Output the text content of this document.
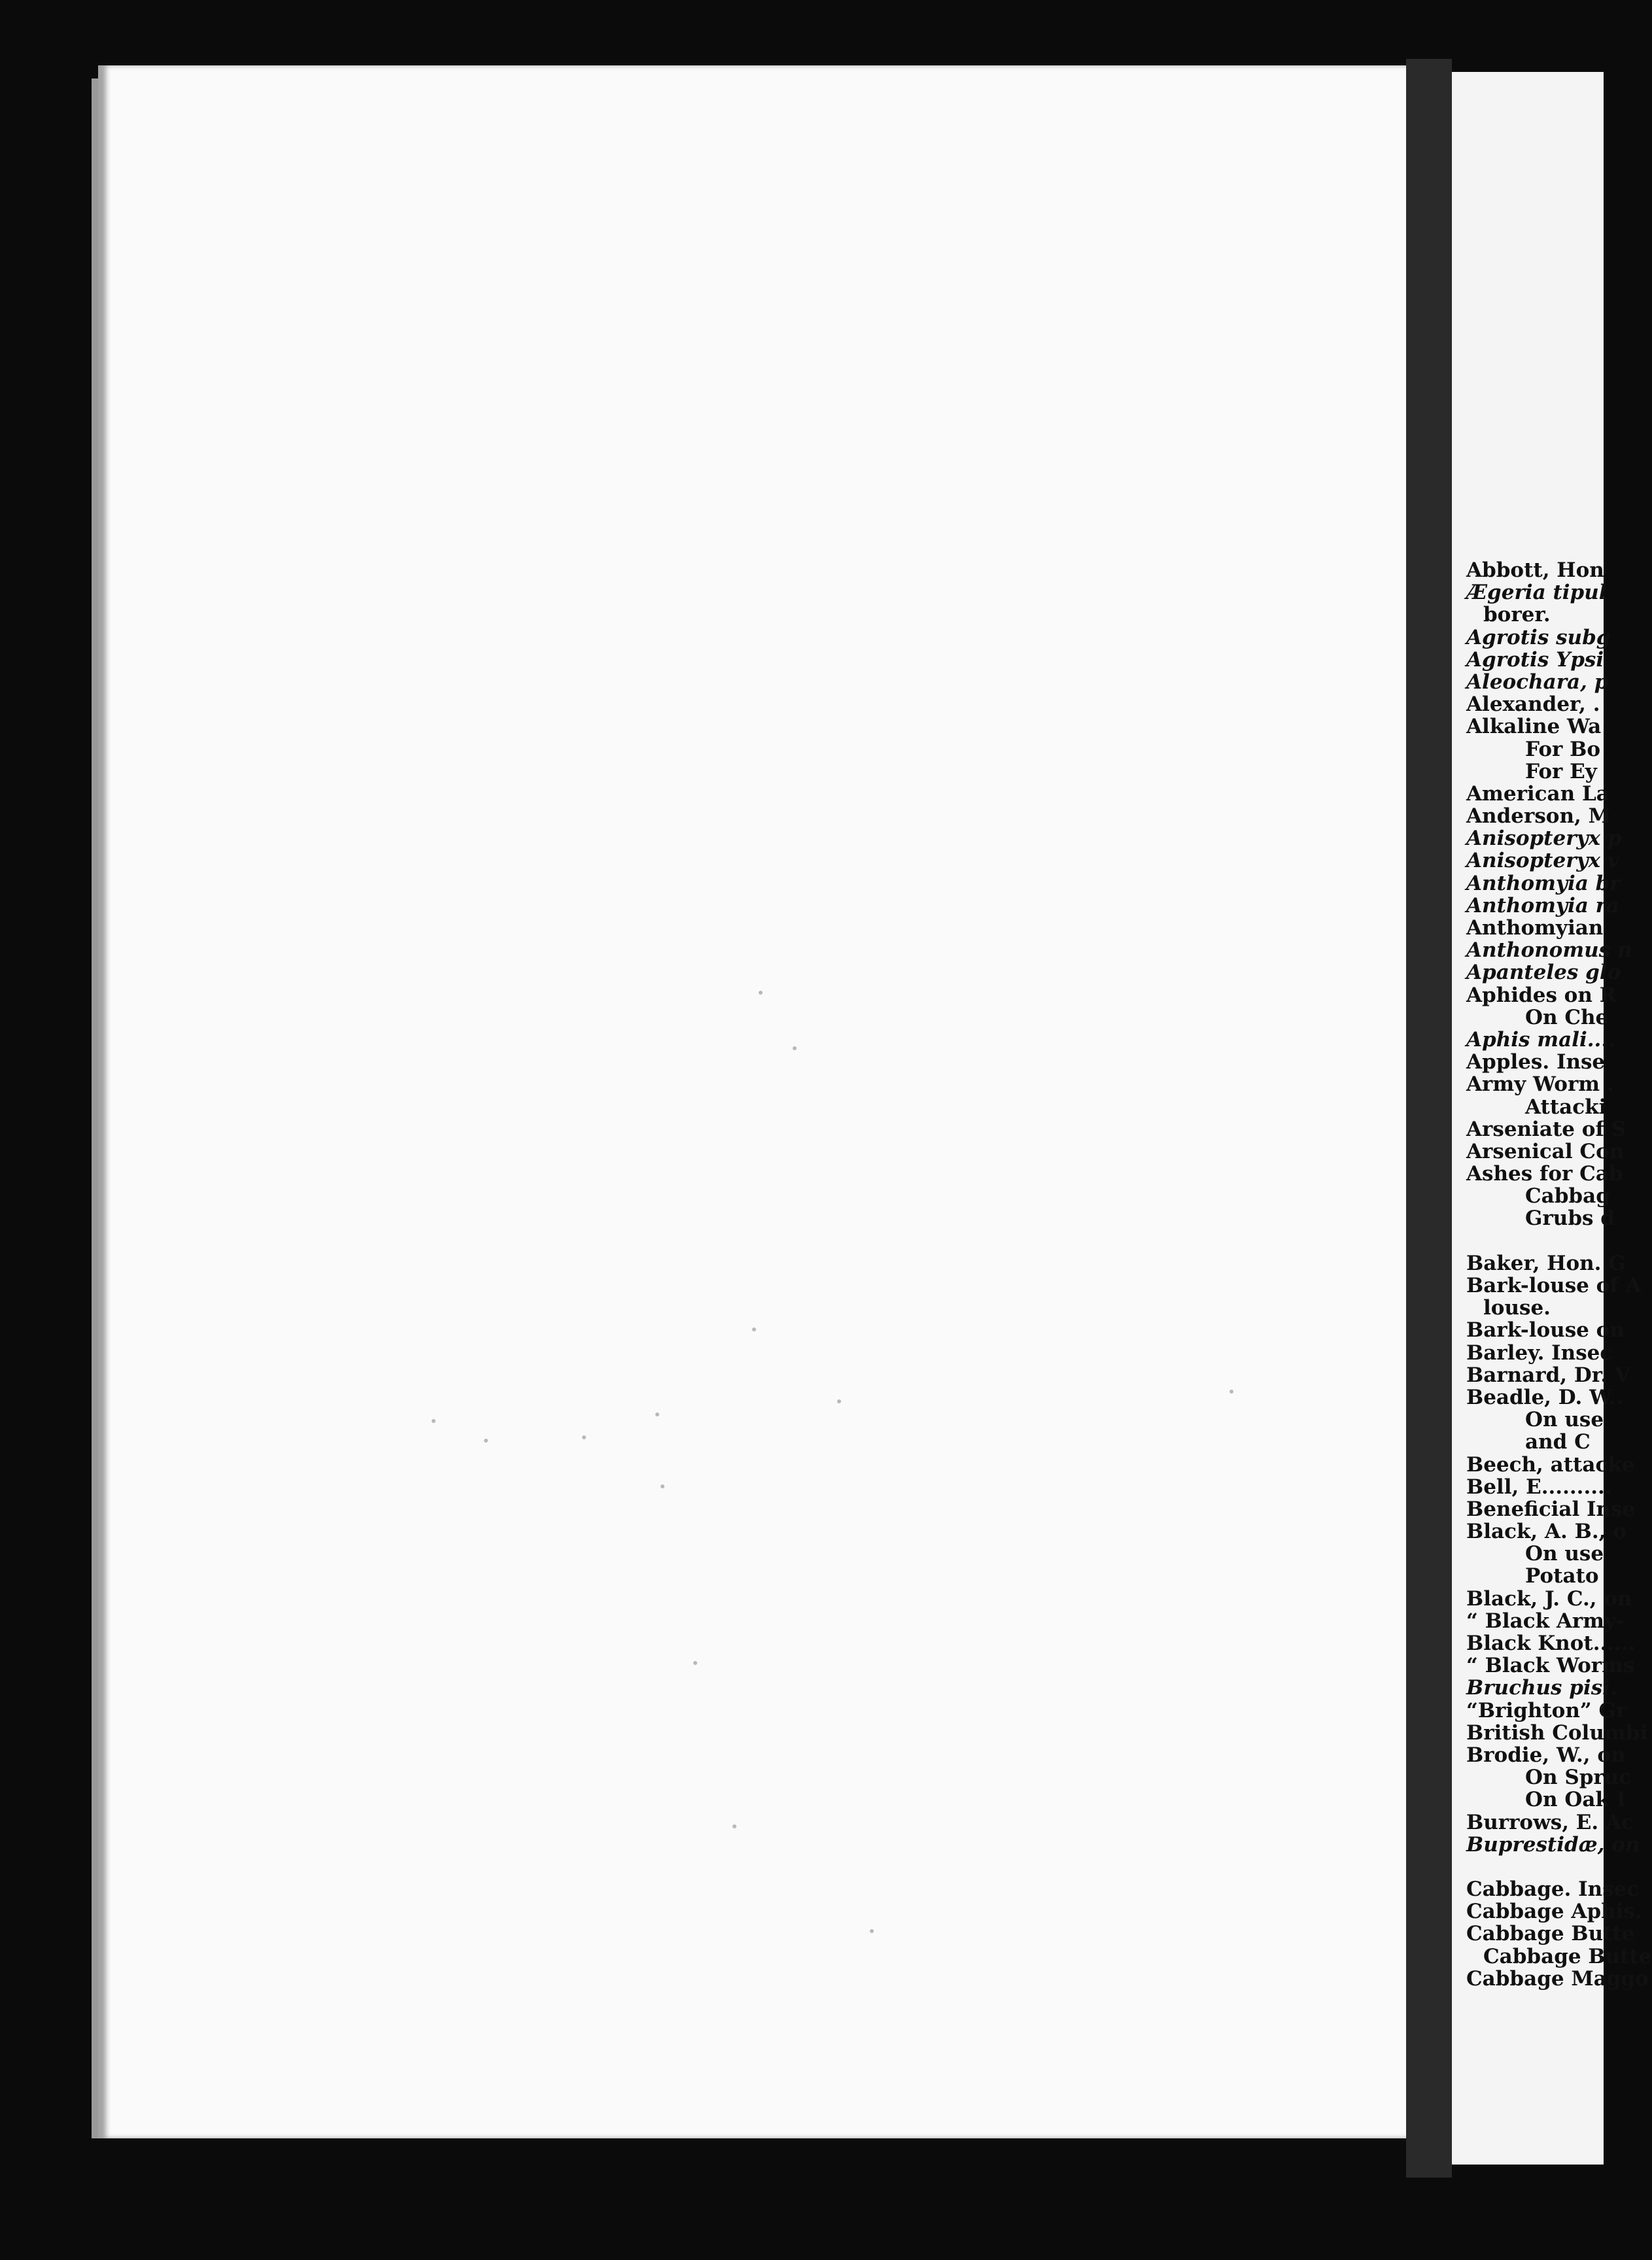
Abbott, Hon
Ægeria tipul
borer.
Agrotis subg
Agrotis Ypsi
Aleochara, p
Alexander, .
Alkaline Wa
For Bo
For Ey
American La
Anderson, M
Anisopteryx p
Anisopteryx v
Anthomyia br
Anthomyia ra
Anthomyian
Anthonomus n
Apanteles glo
Aphides on R
On Che
Aphis mali....
Apples. Inse
Army Worm .
Attacki
Arseniate of S
Arsenical Con
Ashes for Cab
Cabbag
Grubs d
Baker, Hon. G
Bark-louse of A
louse.
Bark-louse on
Barley. Insec
Barnard, Dr. V
Beadle, D. W..
On use
and C
Beech, attacke
Bell, E..........
Beneficial Inse
Black, A. B., o
On use
Potato
Black, J. C., on
“ Black Army-
Black Knot......
“ Black Worms
Bruchus pisi.
“Brighton” Gr
British Columbi
Brodie, W., on
On Spruc
On Oak I
Burrows, E. Ac
Buprestidæ, on
Cabbage. Insec
Cabbage Aphis.
Cabbage Butte
Cabbage Butte
Cabbage Maggo
